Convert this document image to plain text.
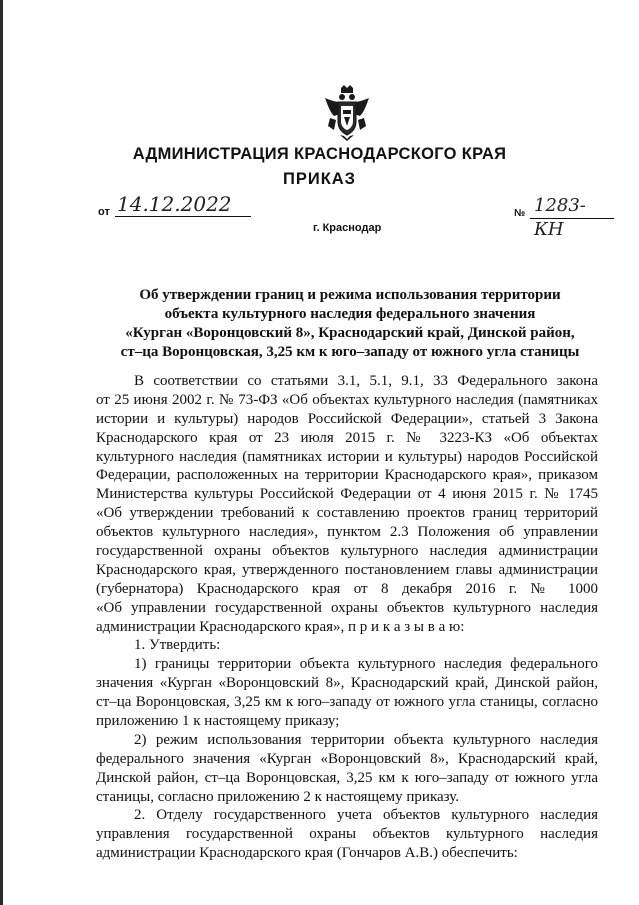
АДМИНИСТРАЦИЯ КРАСНОДАРСКОГО КРАЯ
ПРИКАЗ
от 14.12.2022
г. Краснодар
№ 1283-КН
Об утверждении границ и режима использования территории
объекта культурного наследия федерального значения
«Курган «Воронцовский 8», Краснодарский край, Динской район,
ст–ца Воронцовская, 3,25 км к юго–западу от южного угла станицы
В соответствии со статьями 3.1, 5.1, 9.1, 33 Федерального закона
от 25 июня 2002 г. № 73-ФЗ «Об объектах культурного наследия (памятниках
истории и культуры) народов Российской Федерации», статьей 3 Закона
Краснодарского края от 23 июля 2015 г. № 3223-КЗ «Об объектах
культурного наследия (памятниках истории и культуры) народов Российской
Федерации, расположенных на территории Краснодарского края», приказом
Министерства культуры Российской Федерации от 4 июня 2015 г. № 1745
«Об утверждении требований к составлению проектов границ территорий
объектов культурного наследия», пунктом 2.3 Положения об управлении
государственной охраны объектов культурного наследия администрации
Краснодарского края, утвержденного постановлением главы администрации
(губернатора) Краснодарского края от 8 декабря 2016 г. № 1000
«Об управлении государственной охраны объектов культурного наследия
администрации Краснодарского края», п р и к а з ы в а ю:
1. Утвердить:
1) границы территории объекта культурного наследия федерального
значения «Курган «Воронцовский 8», Краснодарский край, Динской район,
ст–ца Воронцовская, 3,25 км к юго–западу от южного угла станицы, согласно
приложению 1 к настоящему приказу;
2) режим использования территории объекта культурного наследия
федерального значения «Курган «Воронцовский 8», Краснодарский край,
Динской район, ст–ца Воронцовская, 3,25 км к юго–западу от южного угла
станицы, согласно приложению 2 к настоящему приказу.
2. Отделу государственного учета объектов культурного наследия
управления государственной охраны объектов культурного наследия
администрации Краснодарского края (Гончаров А.В.) обеспечить:
